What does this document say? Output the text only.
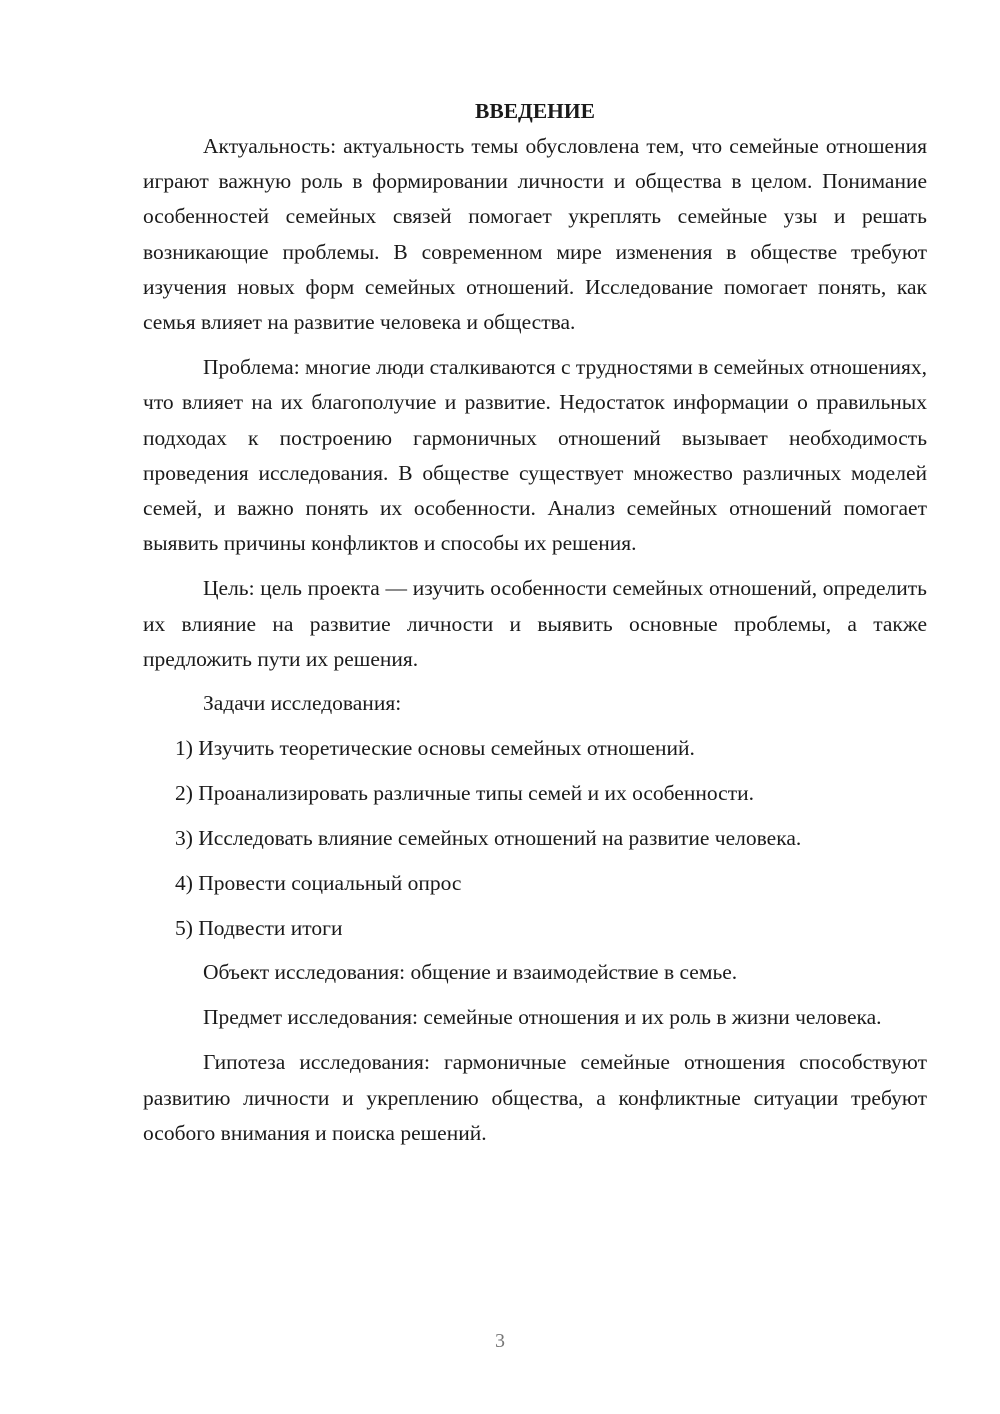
ВВЕДЕНИЕ

Актуальность: актуальность темы обусловлена тем, что семейные отношения играют важную роль в формировании личности и общества в целом. Понимание особенностей семейных связей помогает укреплять семейные узы и решать возникающие проблемы. В современном мире изменения в обществе требуют изучения новых форм семейных отношений. Исследование помогает понять, как семья влияет на развитие человека и общества.

Проблема: многие люди сталкиваются с трудностями в семейных отношениях, что влияет на их благополучие и развитие. Недостаток информации о правильных подходах к построению гармоничных отношений вызывает необходимость проведения исследования. В обществе существует множество различных моделей семей, и важно понять их особенности. Анализ семейных отношений помогает выявить причины конфликтов и способы их решения.

Цель: цель проекта — изучить особенности семейных отношений, определить их влияние на развитие личности и выявить основные проблемы, а также предложить пути их решения.

Задачи исследования:

1) Изучить теоретические основы семейных отношений.
2) Проанализировать различные типы семей и их особенности.
3) Исследовать влияние семейных отношений на развитие человека.
4) Провести социальный опрос
5) Подвести итоги

Объект исследования: общение и взаимодействие в семье.

Предмет исследования: семейные отношения и их роль в жизни человека.

Гипотеза исследования: гармоничные семейные отношения способствуют развитию личности и укреплению общества, а конфликтные ситуации требуют особого внимания и поиска решений.

3
